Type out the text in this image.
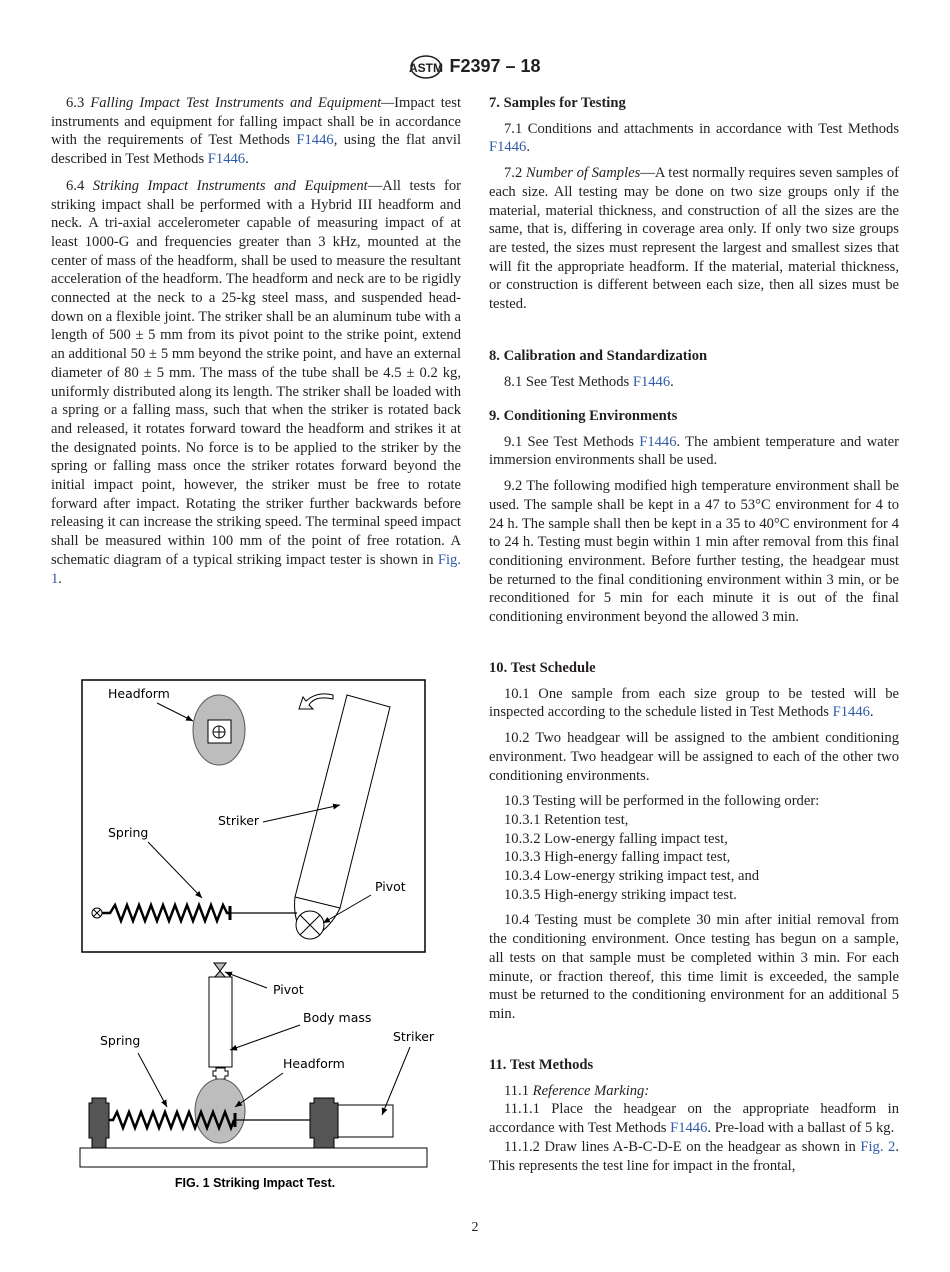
ASTM F2397 – 18

6.3 Falling Impact Test Instruments and Equipment—Impact test instruments and equipment for falling impact shall be in accordance with the requirements of Test Methods F1446, using the flat anvil described in Test Methods F1446.

6.4 Striking Impact Instruments and Equipment—All tests for striking impact shall be performed with a Hybrid III headform and neck. A tri-axial accelerometer capable of measuring impact of at least 1000-G and frequencies greater than 3 kHz, mounted at the center of mass of the headform, shall be used to measure the resultant acceleration of the headform. The headform and neck are to be rigidly connected at the neck to a 25-kg steel mass, and suspended head-down on a flexible joint. The striker shall be an aluminum tube with a length of 500 ± 5 mm from its pivot point to the strike point, extend an additional 50 ± 5 mm beyond the strike point, and have an external diameter of 80 ± 5 mm. The mass of the tube shall be 4.5 ± 0.2 kg, uniformly distributed along its length. The striker shall be loaded with a spring or a falling mass, such that when the striker is rotated back and released, it rotates forward toward the headform and strikes it at the designated points. No force is to be applied to the striker by the spring or falling mass once the striker rotates forward beyond the initial impact point, however, the striker must be free to rotate forward after impact. Rotating the striker further backwards before releasing it can increase the striking speed. The terminal speed impact shall be measured within 100 mm of the point of free rotation. A schematic diagram of a typical striking impact tester is shown in Fig. 1.

Headform
Striker
Spring
Pivot
Pivot
Body mass
Spring
Headform
Striker
FIG. 1 Striking Impact Test.
7. Samples for Testing

7.1 Conditions and attachments in accordance with Test Methods F1446.

7.2 Number of Samples—A test normally requires seven samples of each size. All testing may be done on two size groups only if the material, material thickness, and construction of all the sizes are the same, that is, differing in coverage area only. If only two size groups are tested, the sizes must represent the largest and smallest sizes that will fit the appropriate headform. If the material, material thickness, or construction is different between each size, then all sizes must be tested.

8. Calibration and Standardization

8.1 See Test Methods F1446.

9. Conditioning Environments

9.1 See Test Methods F1446. The ambient temperature and water immersion environments shall be used.

9.2 The following modified high temperature environment shall be used. The sample shall be kept in a 47 to 53°C environment for 4 to 24 h. The sample shall then be kept in a 35 to 40°C environment for 4 to 24 h. Testing must begin within 1 min after removal from this final conditioning environment. Before further testing, the headgear must be returned to the final conditioning environment within 3 min, or be reconditioned for 5 min for each minute it is out of the final conditioning environment beyond the allowed 3 min.

10. Test Schedule

10.1 One sample from each size group to be tested will be inspected according to the schedule listed in Test Methods F1446.

10.2 Two headgear will be assigned to the ambient conditioning environment. Two headgear will be assigned to each of the other two conditioning environments.

10.3 Testing will be performed in the following order:

10.3.1 Retention test,

10.3.2 Low-energy falling impact test,

10.3.3 High-energy falling impact test,

10.3.4 Low-energy striking impact test, and

10.3.5 High-energy striking impact test.

10.4 Testing must be complete 30 min after initial removal from the conditioning environment. Once testing has begun on a sample, all tests on that sample must be completed within 3 min. For each minute, or fraction thereof, this time limit is exceeded, the sample must be returned to the conditioning environment for an additional 5 min.

11. Test Methods

11.1 Reference Marking:

11.1.1 Place the headgear on the appropriate headform in accordance with Test Methods F1446. Pre-load with a ballast of 5 kg.

11.1.2 Draw lines A-B-C-D-E on the headgear as shown in Fig. 2. This represents the test line for impact in the frontal,

2
